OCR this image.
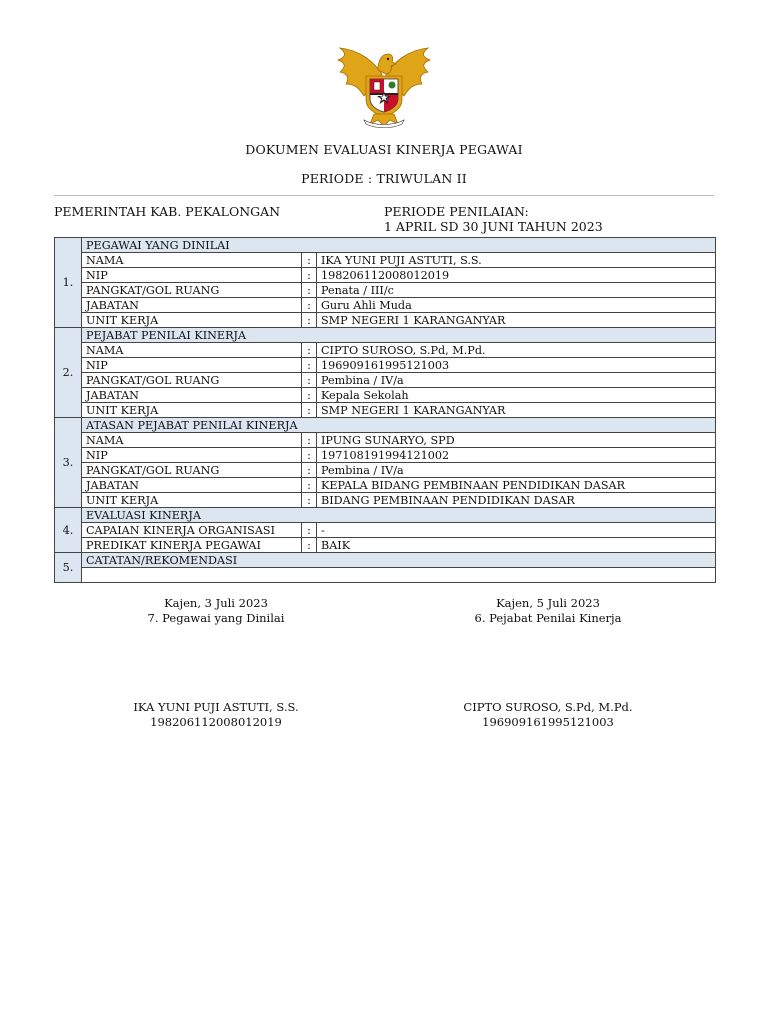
DOKUMEN EVALUASI KINERJA PEGAWAI
PERIODE : TRIWULAN II
PEMERINTAH KAB. PEKALONGAN	PERIODE PENILAIAN:
1 APRIL SD 30 JUNI TAHUN 2023
1.	PEGAWAI YANG DINILAI		
	NAMA	:	IKA YUNI PUJI ASTUTI, S.S.
	NIP	:	198206112008012019
	PANGKAT/GOL RUANG	:	Penata / III/c
	JABATAN	:	Guru Ahli Muda
	UNIT KERJA	:	SMP NEGERI 1 KARANGANYAR
2.	PEJABAT PENILAI KINERJA		
	NAMA	:	CIPTO SUROSO, S.Pd, M.Pd.
	NIP	:	196909161995121003
	PANGKAT/GOL RUANG	:	Pembina / IV/a
	JABATAN	:	Kepala Sekolah
	UNIT KERJA	:	SMP NEGERI 1 KARANGANYAR
3.	ATASAN PEJABAT PENILAI KINERJA		
	NAMA	:	IPUNG SUNARYO, SPD
	NIP	:	197108191994121002
	PANGKAT/GOL RUANG	:	Pembina / IV/a
	JABATAN	:	KEPALA BIDANG PEMBINAAN PENDIDIKAN DASAR
	UNIT KERJA	:	BIDANG PEMBINAAN PENDIDIKAN DASAR
4.	EVALUASI KINERJA		
	CAPAIAN KINERJA ORGANISASI	:	-
	PREDIKAT KINERJA PEGAWAI	:	BAIK
5.	CATATAN/REKOMENDASI		

Kajen, 3 Juli 2023
7. Pegawai yang Dinilai
Kajen, 5 Juli 2023
6. Pejabat Penilai Kinerja
IKA YUNI PUJI ASTUTI, S.S.
198206112008012019
CIPTO SUROSO, S.Pd, M.Pd.
196909161995121003
